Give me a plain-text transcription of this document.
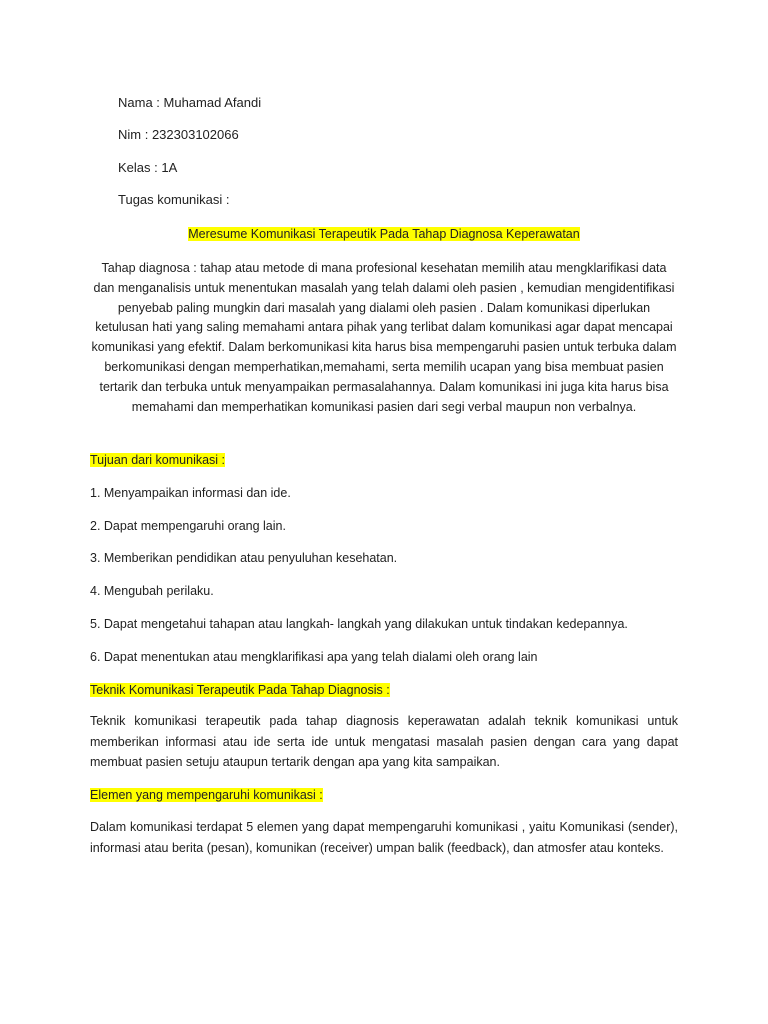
Nama : Muhamad Afandi
Nim : 232303102066
Kelas : 1A
Tugas komunikasi :
Meresume Komunikasi Terapeutik Pada Tahap Diagnosa Keperawatan
Tahap diagnosa : tahap atau metode di mana profesional kesehatan memilih atau mengklarifikasi data dan menganalisis untuk menentukan masalah yang telah dalami oleh pasien , kemudian mengidentifikasi penyebab paling mungkin dari masalah yang dialami oleh pasien . Dalam komunikasi diperlukan ketulusan hati yang saling memahami antara pihak yang terlibat dalam komunikasi agar dapat mencapai komunikasi yang efektif. Dalam berkomunikasi kita harus bisa mempengaruhi pasien untuk terbuka dalam berkomunikasi dengan memperhatikan,memahami, serta memilih ucapan yang bisa membuat pasien tertarik dan terbuka untuk menyampaikan permasalahannya. Dalam komunikasi ini juga kita harus bisa memahami dan memperhatikan komunikasi pasien dari segi verbal maupun non verbalnya.
Tujuan dari komunikasi :
1. Menyampaikan informasi dan ide.
2. Dapat mempengaruhi orang lain.
3. Memberikan pendidikan atau penyuluhan kesehatan.
4. Mengubah perilaku.
5. Dapat mengetahui tahapan atau langkah- langkah yang dilakukan untuk tindakan kedepannya.
6. Dapat menentukan atau mengklarifikasi apa yang telah dialami oleh orang lain
Teknik Komunikasi Terapeutik Pada Tahap Diagnosis :
Teknik komunikasi terapeutik pada tahap diagnosis keperawatan adalah teknik komunikasi untuk memberikan informasi atau ide serta ide untuk mengatasi masalah pasien dengan cara yang dapat membuat pasien setuju ataupun tertarik dengan apa yang kita sampaikan.
Elemen yang mempengaruhi komunikasi :
Dalam komunikasi terdapat 5 elemen yang dapat mempengaruhi komunikasi , yaitu Komunikasi (sender), informasi atau berita (pesan), komunikan (receiver) umpan balik (feedback), dan atmosfer atau konteks.
